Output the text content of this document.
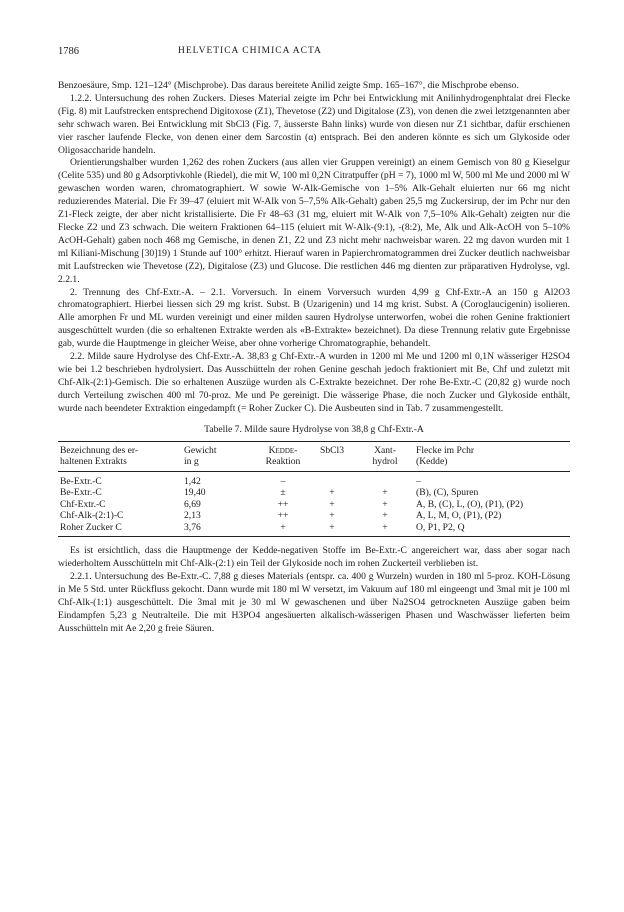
1786	HELVETICA CHIMICA ACTA

Benzoesäure, Smp. 121–124° (Mischprobe). Das daraus bereitete Anilid zeigte Smp. 165–167°, die Mischprobe ebenso.

1.2.2. Untersuchung des rohen Zuckers. Dieses Material zeigte im Pchr bei Entwicklung mit Anilinhydrogenphtalat drei Flecke (Fig. 8) mit Laufstrecken entsprechend Digitoxose (Z1), Thevetose (Z2) und Digitalose (Z3), von denen die zwei letztgenannten aber sehr schwach waren. Bei Entwicklung mit SbCl3 (Fig. 7, äusserste Bahn links) wurde von diesen nur Z1 sichtbar, dafür erschienen vier rascher laufende Flecke, von denen einer dem Sarcostin (α) entsprach. Bei den anderen könnte es sich um Glykoside oder Oligosaccharide handeln.

Orientierungshalber wurden 1,262 des rohen Zuckers (aus allen vier Gruppen vereinigt) an einem Gemisch von 80 g Kieselgur (Celite 535) und 80 g Adsorptivkohle (Riedel), die mit W, 100 ml 0,2N Citratpuffer (pH = 7), 1000 ml W, 500 ml Me und 2000 ml W gewaschen worden waren, chromatographiert. W sowie W-Alk-Gemische von 1–5% Alk-Gehalt eluierten nur 66 mg nicht reduzierendes Material. Die Fr 39–47 (eluiert mit W-Alk von 5–7,5% Alk-Gehalt) gaben 25,5 mg Zuckersirup, der im Pchr nur den Z1-Fleck zeigte, der aber nicht kristallisierte. Die Fr 48–63 (31 mg, eluiert mit W-Alk von 7,5–10% Alk-Gehalt) zeigten nur die Flecke Z2 und Z3 schwach. Die weitern Fraktionen 64–115 (eluiert mit W-Alk-(9:1), -(8:2), Me, Alk und Alk-AcOH von 5–10% AcOH-Gehalt) gaben noch 468 mg Gemische, in denen Z1, Z2 und Z3 nicht mehr nachweisbar waren. 22 mg davon wurden mit 1 ml Kiliani-Mischung [30]19) 1 Stunde auf 100° erhitzt. Hierauf waren in Papierchromatogrammen drei Zucker deutlich nachweisbar mit Laufstrecken wie Thevetose (Z2), Digitalose (Z3) und Glucose. Die restlichen 446 mg dienten zur präparativen Hydrolyse, vgl. 2.2.1.

2. Trennung des Chf-Extr.-A. – 2.1. Vorversuch. In einem Vorversuch wurden 4,99 g Chf-Extr.-A an 150 g Al2O3 chromatographiert. Hierbei liessen sich 29 mg krist. Subst. B (Uzarigenin) und 14 mg krist. Subst. A (Coroglaucigenin) isolieren. Alle amorphen Fr und ML wurden vereinigt und einer milden sauren Hydrolyse unterworfen, wobei die rohen Genine fraktioniert ausgeschüttelt wurden (die so erhaltenen Extrakte werden als «B-Extrakte» bezeichnet). Da diese Trennung relativ gute Ergebnisse gab, wurde die Hauptmenge in gleicher Weise, aber ohne vorherige Chromatographie, behandelt.

2.2. Milde saure Hydrolyse des Chf-Extr.-A. 38,83 g Chf-Extr.-A wurden in 1200 ml Me und 1200 ml 0,1N wässeriger H2SO4 wie bei 1.2 beschrieben hydrolysiert. Das Ausschütteln der rohen Genine geschah jedoch fraktioniert mit Be, Chf und zuletzt mit Chf-Alk-(2:1)-Gemisch. Die so erhaltenen Auszüge wurden als C-Extrakte bezeichnet. Der rohe Be-Extr.-C (20,82 g) wurde noch durch Verteilung zwischen 400 ml 70-proz. Me und Pe gereinigt. Die wässerige Phase, die noch Zucker und Glykoside enthält, wurde nach beendeter Extraktion eingedampft (= Roher Zucker C). Die Ausbeuten sind in Tab. 7 zusammengestellt.

Tabelle 7. Milde saure Hydrolyse von 38,8 g Chf-Extr.-A
Bezeichnung des er-	Gewicht	Kedde-	SbCl3	Xant-	Flecke im Pchr
haltenen Extrakts	in g	Reaktion		hydrol	(Kedde)
Be-Extr.-C	1,42	–			–
Be-Extr.-C	19,40	±	+	+	(B), (C), Spuren
Chf-Extr.-C	6,69	++	+	+	A, B, (C), L, (O), (P1), (P2)
Chf-Alk-(2:1)-C	2,13	++	+	+	A, L, M, O, (P1), (P2)
Roher Zucker C	3,76	+	+	+	O, P1, P2, Q

Es ist ersichtlich, dass die Hauptmenge der Kedde-negativen Stoffe im Be-Extr.-C angereichert war, dass aber sogar nach wiederholtem Ausschütteln mit Chf-Alk-(2:1) ein Teil der Glykoside noch im rohen Zuckerteil verblieben ist.

2.2.1. Untersuchung des Be-Extr.-C. 7,88 g dieses Materials (entspr. ca. 400 g Wurzeln) wurden in 180 ml 5-proz. KOH-Lösung in Me 5 Std. unter Rückfluss gekocht. Dann wurde mit 180 ml W versetzt, im Vakuum auf 180 ml eingeengt und 3mal mit je 100 ml Chf-Alk-(1:1) ausgeschüttelt. Die 3mal mit je 30 ml W gewaschenen und über Na2SO4 getrockneten Auszüge gaben beim Eindampfen 5,23 g Neutralteile. Die mit H3PO4 angesäuerten alkalisch-wässerigen Phasen und Waschwässer lieferten beim Ausschütteln mit Ae 2,20 g freie Säuren.
